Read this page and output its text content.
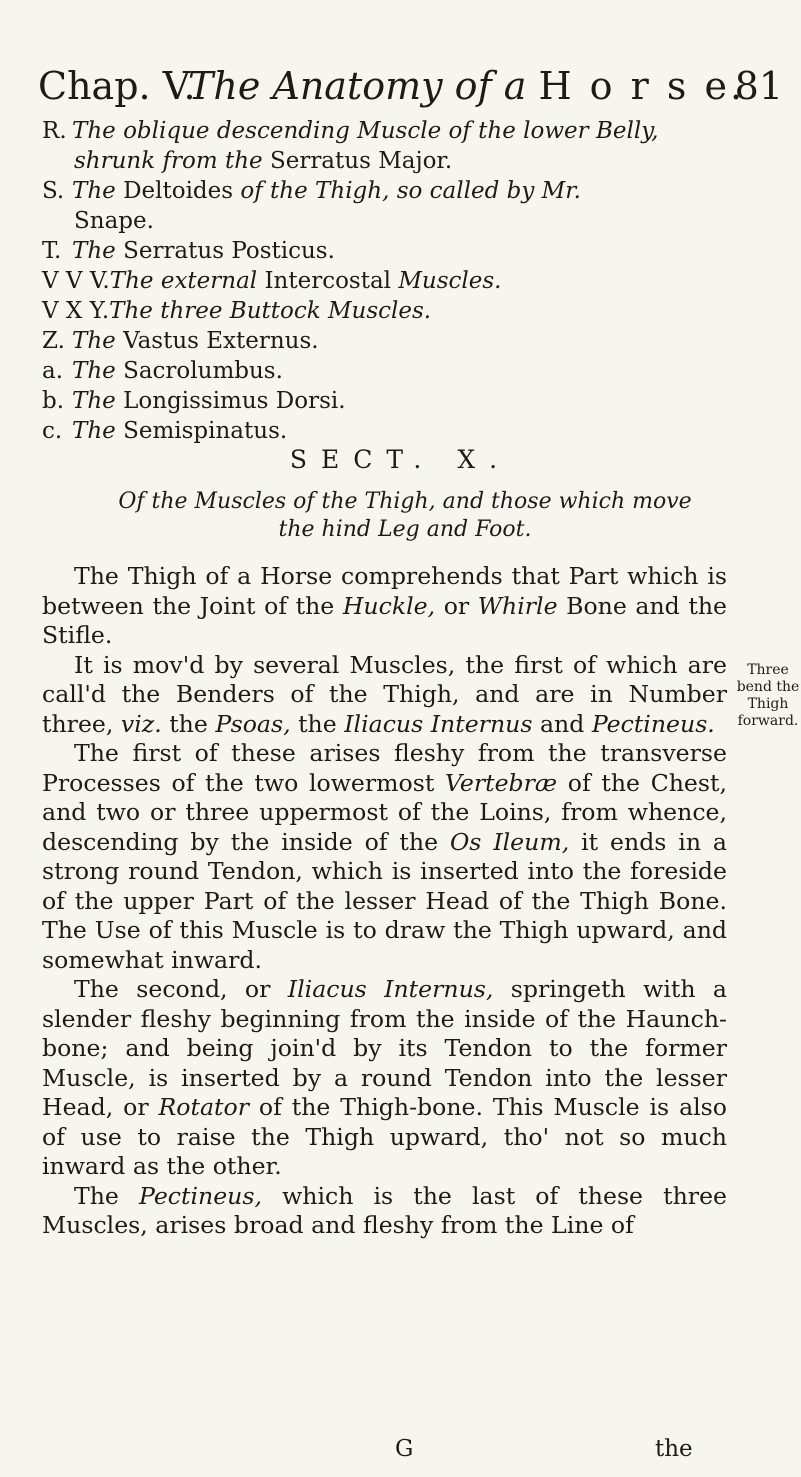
Chap. V.
The Anatomy of a H o r s e.
81
R.The oblique descending Muscle of the lower Belly,
shrunk from the Serratus Major.
S.The Deltoides of the Thigh, so called by Mr.
Snape.
T.The Serratus Posticus.
V V V.The external Intercostal Muscles.
V X Y.The three Buttock Muscles.
Z.The Vastus Externus.
a.The Sacrolumbus.
b.The Longissimus Dorsi.
c.The Semispinatus.
SECT. X.
Of the Muscles of the Thigh, and those which move
the hind Leg and Foot.

The Thigh of a Horse comprehends that Part which is between the Joint of the Huckle, or Whirle Bone and the Stifle.

It is mov'd by several Muscles, the first of which are call'd the Benders of the Thigh, and are in Number three, viz. the Psoas, the Iliacus Internus and Pectineus.

The first of these arises fleshy from the transverse Processes of the two lowermost Vertebræ of the Chest, and two or three uppermost of the Loins, from whence, descending by the inside of the Os Ileum, it ends in a strong round Tendon, which is inserted into the foreside of the upper Part of the lesser Head of the Thigh Bone. The Use of this Muscle is to draw the Thigh upward, and somewhat inward.

The second, or Iliacus Internus, springeth with a slender fleshy beginning from the inside of the Haunch-bone; and being join'd by its Tendon to the former Muscle, is inserted by a round Tendon into the lesser Head, or Rotator of the Thigh-bone. This Muscle is also of use to raise the Thigh upward, tho' not so much inward as the other.

The Pectineus, which is the last of these three Muscles, arises broad and fleshy from the Line of

Three bend the Thigh forward.
G	the
